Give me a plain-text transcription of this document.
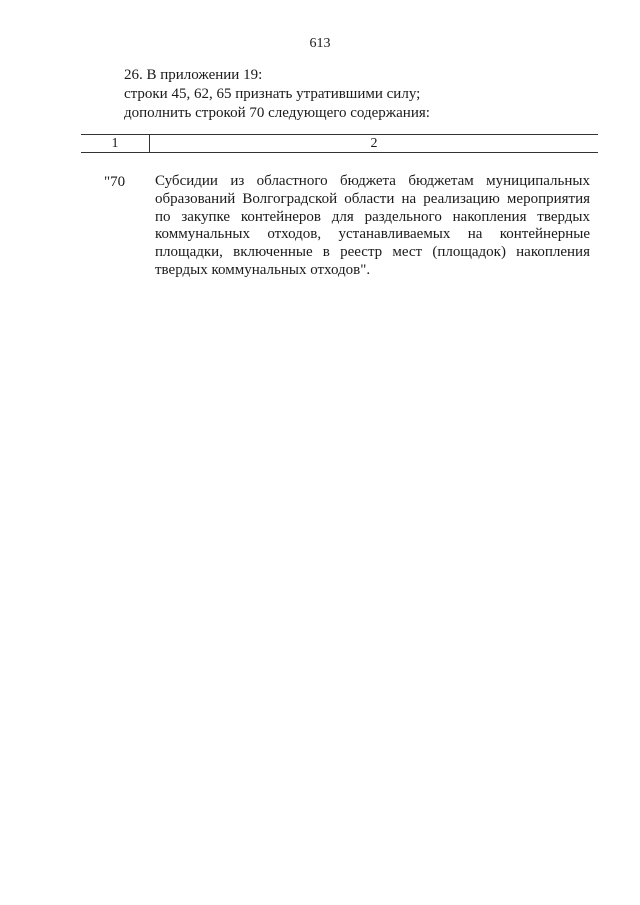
613
26. В приложении 19:
строки 45, 62, 65 признать утратившими силу;
дополнить строкой 70 следующего содержания:
1	2
"70 Субсидии из областного бюджета бюджетам муниципальных образований Волгоградской области на реализацию мероприятия по закупке контейнеров для раздельного накопления твердых коммунальных отходов, устанавливаемых на контейнерные площадки, включенные в реестр мест (площадок) накопления твердых коммунальных отходов".
